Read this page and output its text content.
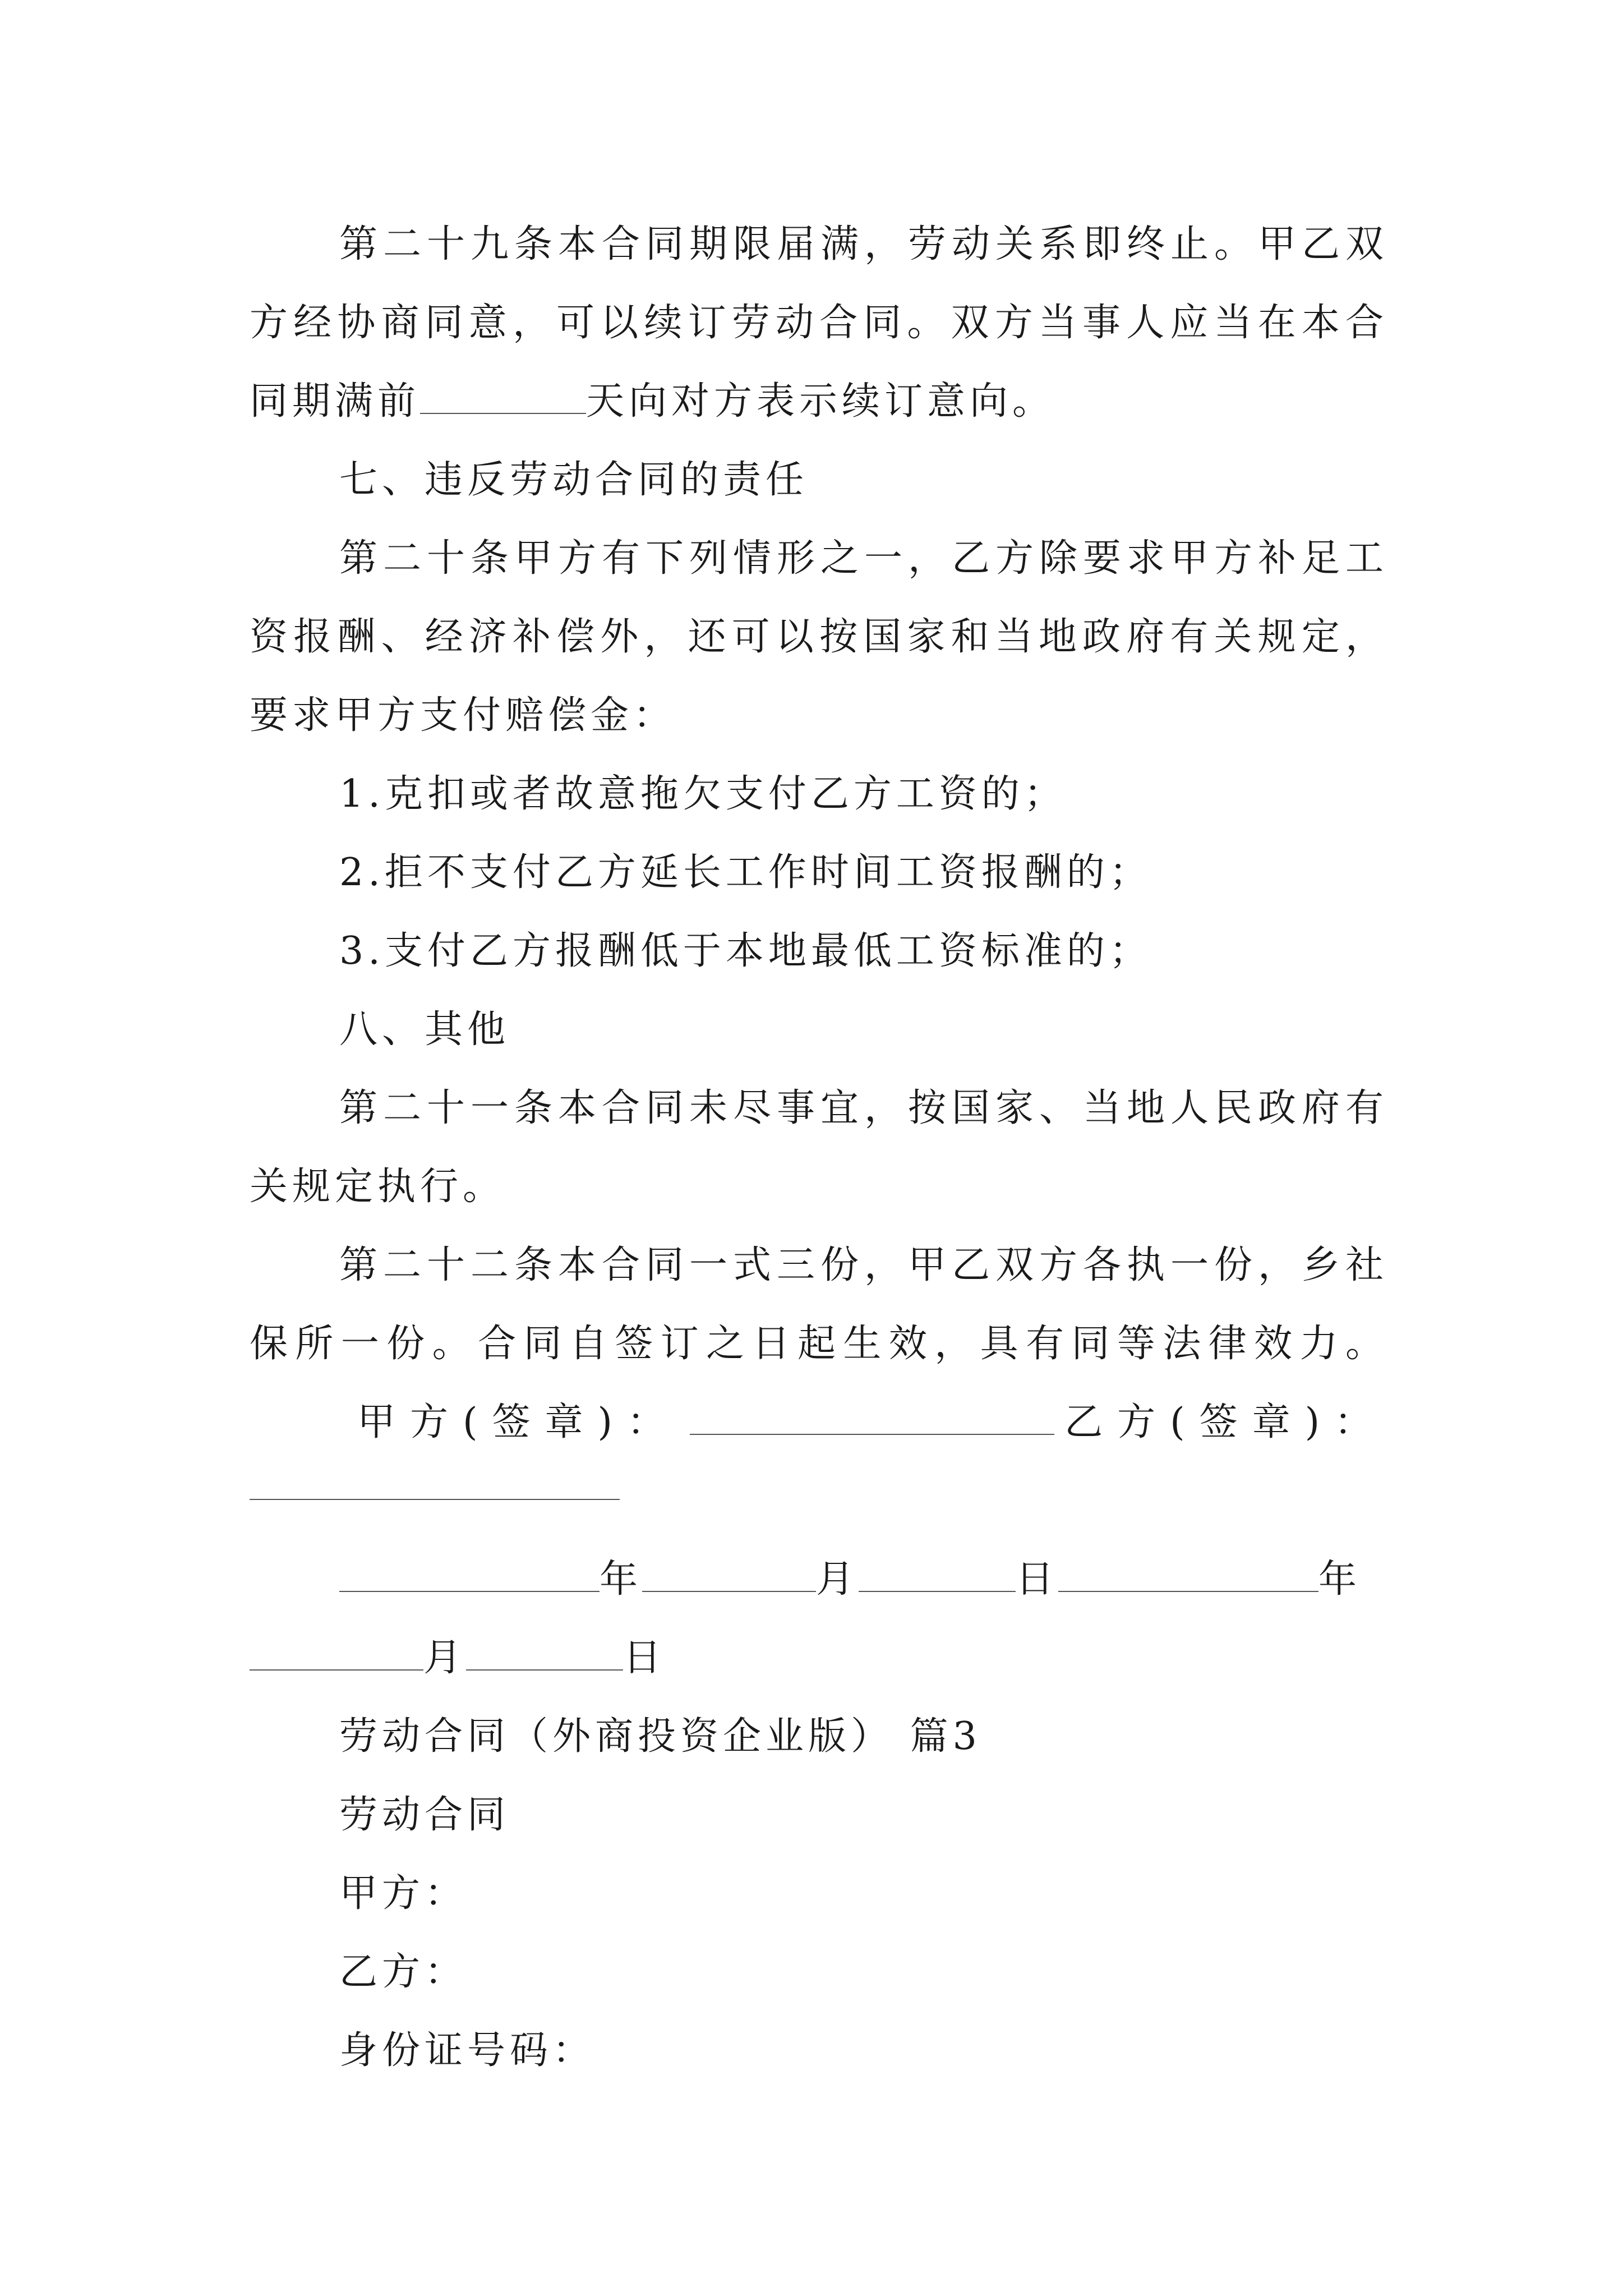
第二十九条本合同期限届满，劳动关系即终止。甲乙双
方经协商同意，可以续订劳动合同。双方当事人应当在本合
同期满前	天向对方表示续订意向。
七、违反劳动合同的责任
第二十条甲方有下列情形之一，乙方除要求甲方补足工
资报酬、经济补偿外，还可以按国家和当地政府有关规定，
要求甲方支付赔偿金：
1.克扣或者故意拖欠支付乙方工资的；
2.拒不支付乙方延长工作时间工资报酬的；
3.支付乙方报酬低于本地最低工资标准的；
八、其他
第二十一条本合同未尽事宜，按国家、当地人民政府有
关规定执行。
第二十二条本合同一式三份，甲乙双方各执一份，乡社
保所一份。合同自签订之日起生效，具有同等法律效力。
甲方(签章)：	乙方(签章)：
年	月	日	年
月	日
劳动合同（外商投资企业版） 篇3
劳动合同
甲方：
乙方：
身份证号码：
